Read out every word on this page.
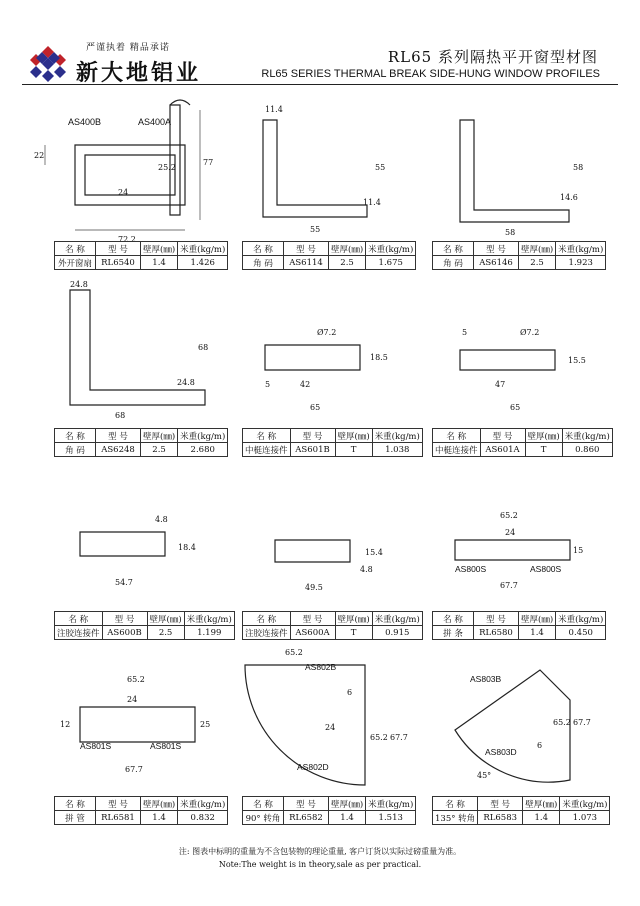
严谨执着 精品承诺
新大地铝业
RL65 系列隔热平开窗型材图
RL65 SERIES THERMAL BREAK SIDE-HUNG WINDOW PROFILES
AS400B	AS400A
22
24
25.2
77
72.2
11.4
55
11.4
55
58
14.6
58
24.8
68
24.8
68
Ø7.2
18.5
5	42
65
5	Ø7.2
15.5
47
65
4.8
18.4
54.7
15.4
4.8
49.5
65.2
24
15
67.7
AS800S	AS800S
65.2
24
12	25
67.7
AS801S	AS801S
65.2
6
24
65.2 67.7
AS802B
AS802D
67.7
65.2
6
45°
AS803B
AS803D
名 称	型 号	壁厚(㎜)	米重(kg/m)
外开窗扇	RL6540	1.4	1.426
名 称	型 号	壁厚(㎜)	米重(kg/m)
角 码	AS6114	2.5	1.675
名 称	型 号	壁厚(㎜)	米重(kg/m)
角 码	AS6146	2.5	1.923
名 称	型 号	壁厚(㎜)	米重(kg/m)
角 码	AS6248	2.5	2.680
名 称	型 号	壁厚(㎜)	米重(kg/m)
中梃连接件	AS601B	T	1.038
名 称	型 号	壁厚(㎜)	米重(kg/m)
中梃连接件	AS601A	T	0.860
名 称	型 号	壁厚(㎜)	米重(kg/m)
注胶连接件	AS600B	2.5	1.199
名 称	型 号	壁厚(㎜)	米重(kg/m)
注胶连接件	AS600A	T	0.915
名 称	型 号	壁厚(㎜)	米重(kg/m)
拼 条	RL6580	1.4	0.450
名 称	型 号	壁厚(㎜)	米重(kg/m)
拼 管	RL6581	1.4	0.832
名 称	型 号	壁厚(㎜)	米重(kg/m)
90° 转角	RL6582	1.4	1.513
名 称	型 号	壁厚(㎜)	米重(kg/m)
135° 转角	RL6583	1.4	1.073
注: 图表中标明的重量为不含包装物的理论重量, 客户订货以实际过磅重量为准。
Note:The weight is in theory,sale as per practical.
